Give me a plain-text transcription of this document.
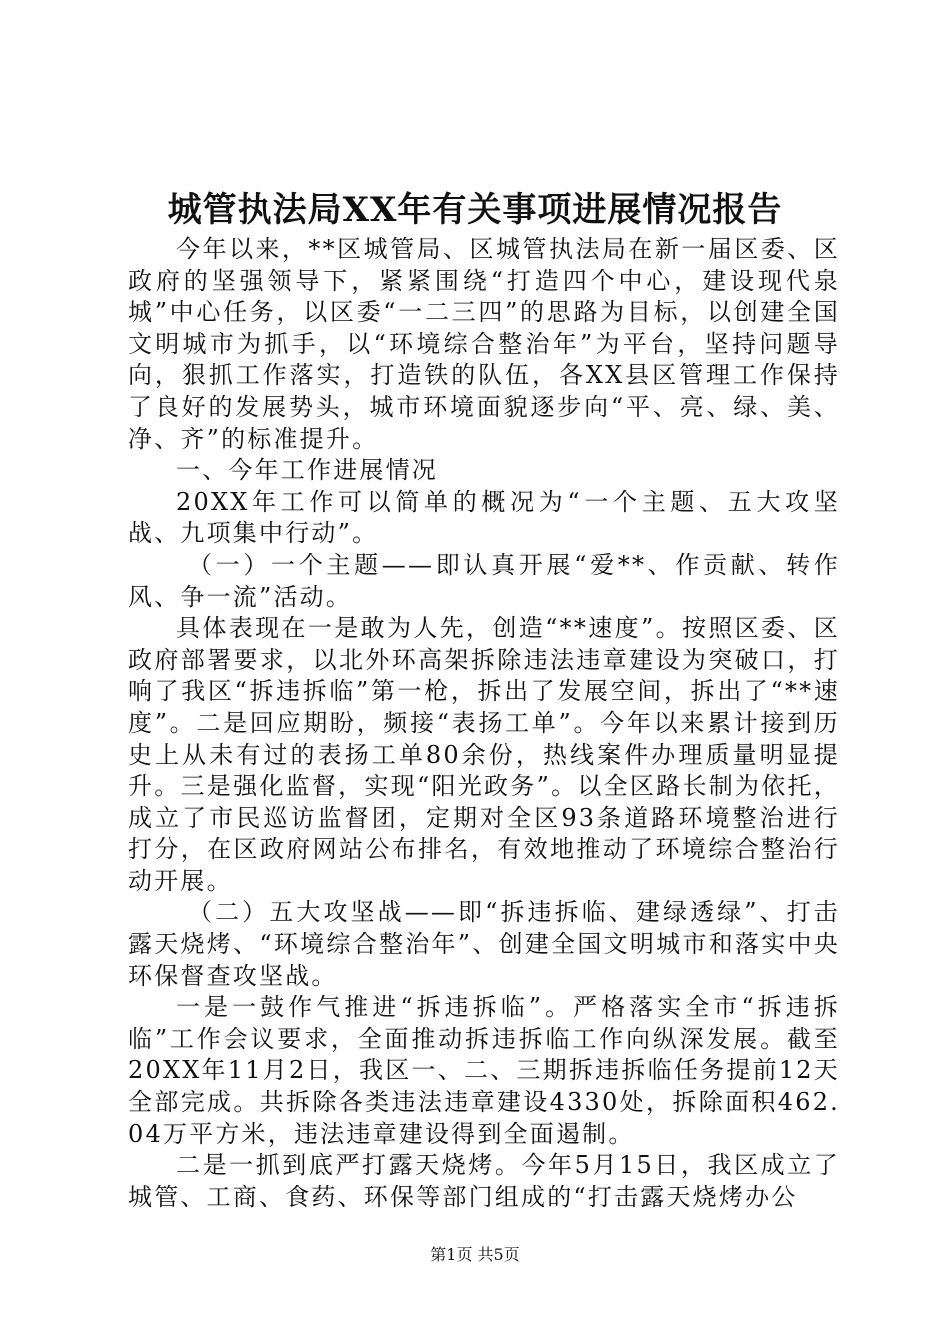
城管执法局XX年有关事项进展情况报告

今年以来，**区城管局、区城管执法局在新一届区委、区政府的坚强领导下，紧紧围绕“打造四个中心，建设现代泉城”中心任务，以区委“一二三四”的思路为目标，以创建全国文明城市为抓手，以“环境综合整治年”为平台，坚持问题导向，狠抓工作落实，打造铁的队伍，各XX县区管理工作保持了良好的发展势头，城市环境面貌逐步向“平、亮、绿、美、净、齐”的标准提升。

一、今年工作进展情况

20XX年工作可以简单的概况为“一个主题、五大攻坚战、九项集中行动”。

（一）一个主题——即认真开展“爱**、作贡献、转作风、争一流”活动。

具体表现在一是敢为人先，创造“**速度”。按照区委、区政府部署要求，以北外环高架拆除违法违章建设为突破口，打响了我区“拆违拆临”第一枪，拆出了发展空间，拆出了“**速度”。二是回应期盼，频接“表扬工单”。今年以来累计接到历史上从未有过的表扬工单80余份，热线案件办理质量明显提升。三是强化监督，实现“阳光政务”。以全区路长制为依托，成立了市民巡访监督团，定期对全区93条道路环境整治进行打分，在区政府网站公布排名，有效地推动了环境综合整治行动开展。

（二）五大攻坚战——即“拆违拆临、建绿透绿”、打击露天烧烤、“环境综合整治年”、创建全国文明城市和落实中央环保督查攻坚战。

一是一鼓作气推进“拆违拆临”。严格落实全市“拆违拆临”工作会议要求，全面推动拆违拆临工作向纵深发展。截至20XX年11月2日，我区一、二、三期拆违拆临任务提前12天全部完成。共拆除各类违法违章建设4330处，拆除面积462.04万平方米，违法违章建设得到全面遏制。

二是一抓到底严打露天烧烤。今年5月15日，我区成立了城管、工商、食药、环保等部门组成的“打击露天烧烤办公

第1页 共5页
